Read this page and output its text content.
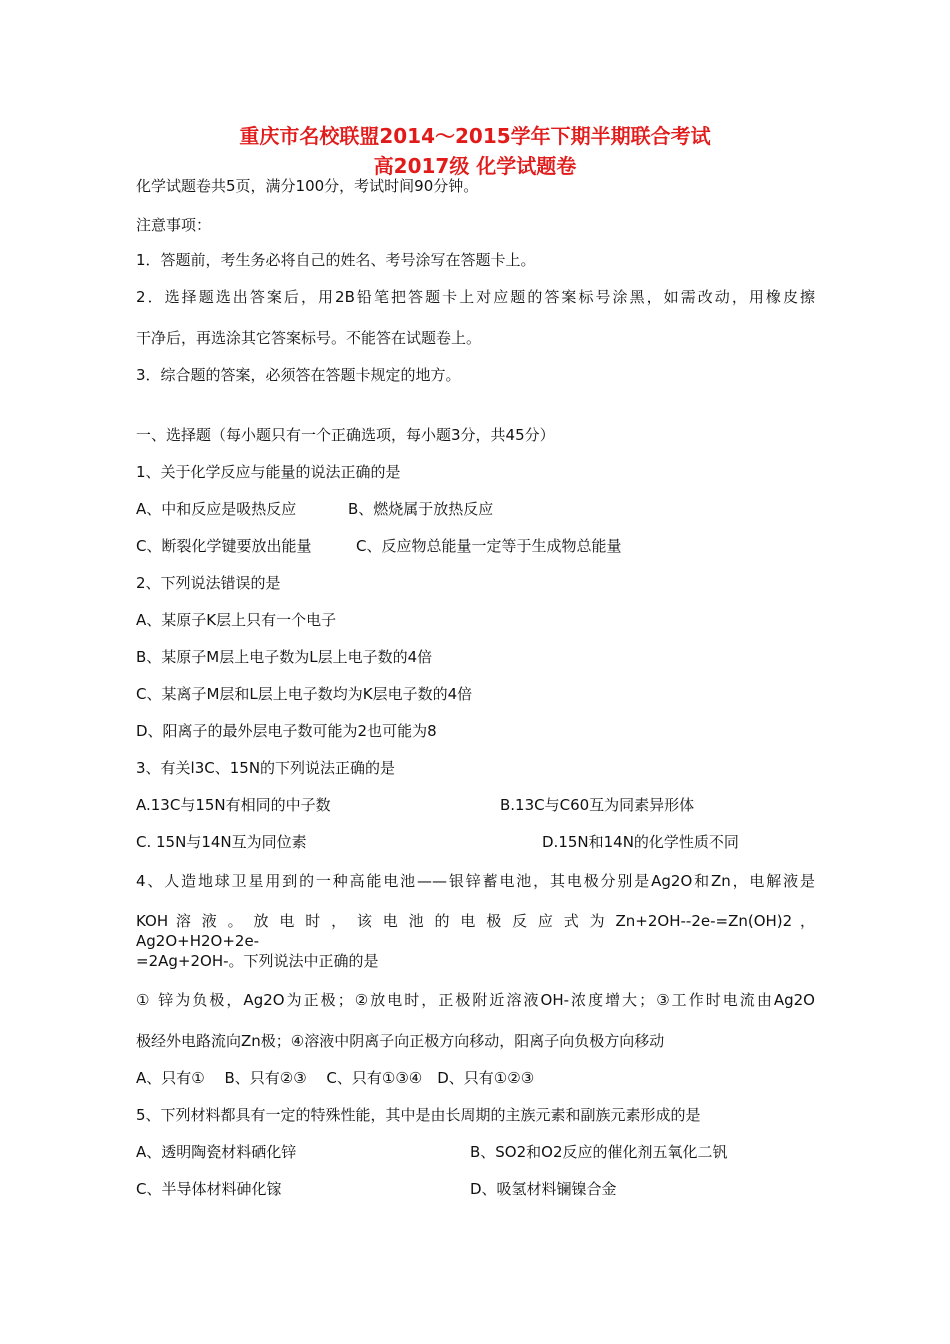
重庆市名校联盟2014～2015学年下期半期联合考试
高2017级 化学试题卷
化学试题卷共5页，满分100分，考试时间90分钟。
注意事项：
1．答题前，考生务必将自己的姓名、考号涂写在答题卡上。
2．选择题选出答案后，用2B铅笔把答题卡上对应题的答案标号涂黑，如需改动，用橡皮擦
干净后，再选涂其它答案标号。不能答在试题卷上。
3．综合题的答案，必须答在答题卡规定的地方。
一、选择题（每小题只有一个正确选项，每小题3分，共45分）
1、关于化学反应与能量的说法正确的是
A、中和反应是吸热反应	B、燃烧属于放热反应
C、断裂化学键要放出能量	C、反应物总能量一定等于生成物总能量
2、下列说法错误的是
A、某原子K层上只有一个电子
B、某原子M层上电子数为L层上电子数的4倍
C、某离子M层和L层上电子数均为K层电子数的4倍
D、阳离子的最外层电子数可能为2也可能为8
3、有关l3C、15N的下列说法正确的是
A.13C与15N有相同的中子数	B.13C与C60互为同素异形体
C. 15N与14N互为同位素	D.15N和14N的化学性质不同
4、人造地球卫星用到的一种高能电池——银锌蓄电池，其电极分别是Ag2O和Zn，电解液是
KOH 溶 液 。 放 电 时 ， 该 电 池 的 电 极 反 应 式 为 Zn+2OH--2e-=Zn(OH)2 ， Ag2O+H2O+2e-
=2Ag+2OH-。下列说法中正确的是
① 锌为负极，Ag2O为正极；②放电时，正极附近溶液OH-浓度增大；③工作时电流由Ag2O
极经外电路流向Zn极；④溶液中阴离子向正极方向移动，阳离子向负极方向移动
A、只有①　 B、只有②③　 C、只有①③④　D、只有①②③
5、下列材料都具有一定的特殊性能，其中是由长周期的主族元素和副族元素形成的是
A、透明陶瓷材料硒化锌	B、SO2和O2反应的催化剂五氧化二钒
C、半导体材料砷化镓	D、吸氢材料镧镍合金
